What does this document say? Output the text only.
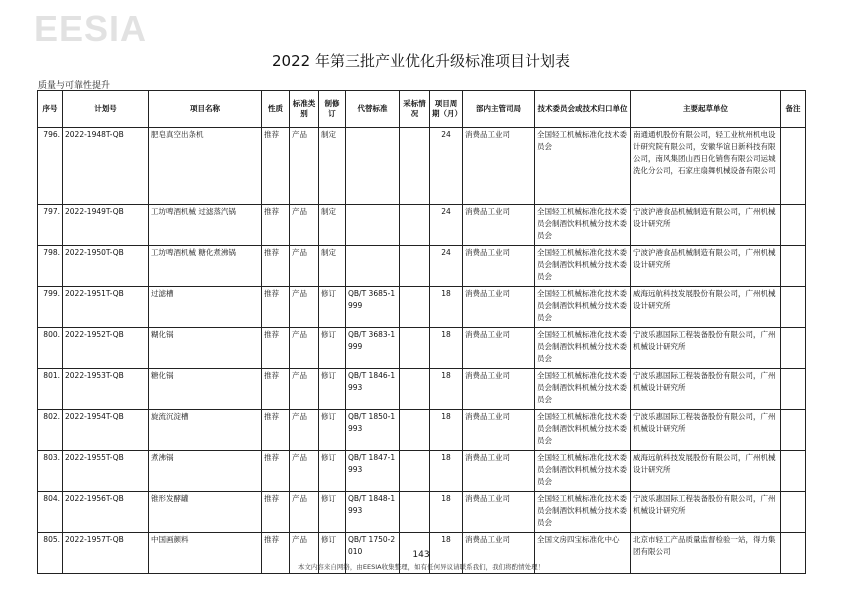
EESIA
2022 年第三批产业优化升级标准项目计划表
质量与可靠性提升
序号	计划号	项目名称	性质	标准类别	制修订	代替标准	采标情况	项目周期（月）	部内主管司局	技术委员会或技术归口单位	主要起草单位	备注
796.	2022-1948T-QB	肥皂真空出条机	推荐	产品	制定			24	消费品工业司	全国轻工机械标准化技术委员会	南通通机股份有限公司，轻工业杭州机电设计研究院有限公司，安徽华谊日新科技有限公司，南风集团山西日化销售有限公司运城洗化分公司，石家庄扇舞机械设备有限公司	
797.	2022-1949T-QB	工坊啤酒机械 过滤蒸汽锅	推荐	产品	制定			24	消费品工业司	全国轻工机械标准化技术委员会制酒饮料机械分技术委员会	宁波沪港食品机械制造有限公司，广州机械设计研究所	
798.	2022-1950T-QB	工坊啤酒机械 糖化煮沸锅	推荐	产品	制定			24	消费品工业司	全国轻工机械标准化技术委员会制酒饮料机械分技术委员会	宁波沪港食品机械制造有限公司，广州机械设计研究所	
799.	2022-1951T-QB	过滤槽	推荐	产品	修订	QB/T 3685-1999		18	消费品工业司	全国轻工机械标准化技术委员会制酒饮料机械分技术委员会	威海远航科技发展股份有限公司，广州机械设计研究所	
800.	2022-1952T-QB	糊化锅	推荐	产品	修订	QB/T 3683-1999		18	消费品工业司	全国轻工机械标准化技术委员会制酒饮料机械分技术委员会	宁波乐惠国际工程装备股份有限公司，广州机械设计研究所	
801.	2022-1953T-QB	糖化锅	推荐	产品	修订	QB/T 1846-1993		18	消费品工业司	全国轻工机械标准化技术委员会制酒饮料机械分技术委员会	宁波乐惠国际工程装备股份有限公司，广州机械设计研究所	
802.	2022-1954T-QB	旋流沉淀槽	推荐	产品	修订	QB/T 1850-1993		18	消费品工业司	全国轻工机械标准化技术委员会制酒饮料机械分技术委员会	宁波乐惠国际工程装备股份有限公司，广州机械设计研究所	
803.	2022-1955T-QB	煮沸锅	推荐	产品	修订	QB/T 1847-1993		18	消费品工业司	全国轻工机械标准化技术委员会制酒饮料机械分技术委员会	威海远航科技发展股份有限公司，广州机械设计研究所	
804.	2022-1956T-QB	锥形发酵罐	推荐	产品	修订	QB/T 1848-1993		18	消费品工业司	全国轻工机械标准化技术委员会制酒饮料机械分技术委员会	宁波乐惠国际工程装备股份有限公司，广州机械设计研究所	
805.	2022-1957T-QB	中国画颜料	推荐	产品	修订	QB/T 1750-2010		18	消费品工业司	全国文房四宝标准化中心	北京市轻工产品质量监督检验一站，得力集团有限公司	
143
本文内容来自网络，由EESIA收集整理，如有任何异议请联系我们，我们将酌情处理！
